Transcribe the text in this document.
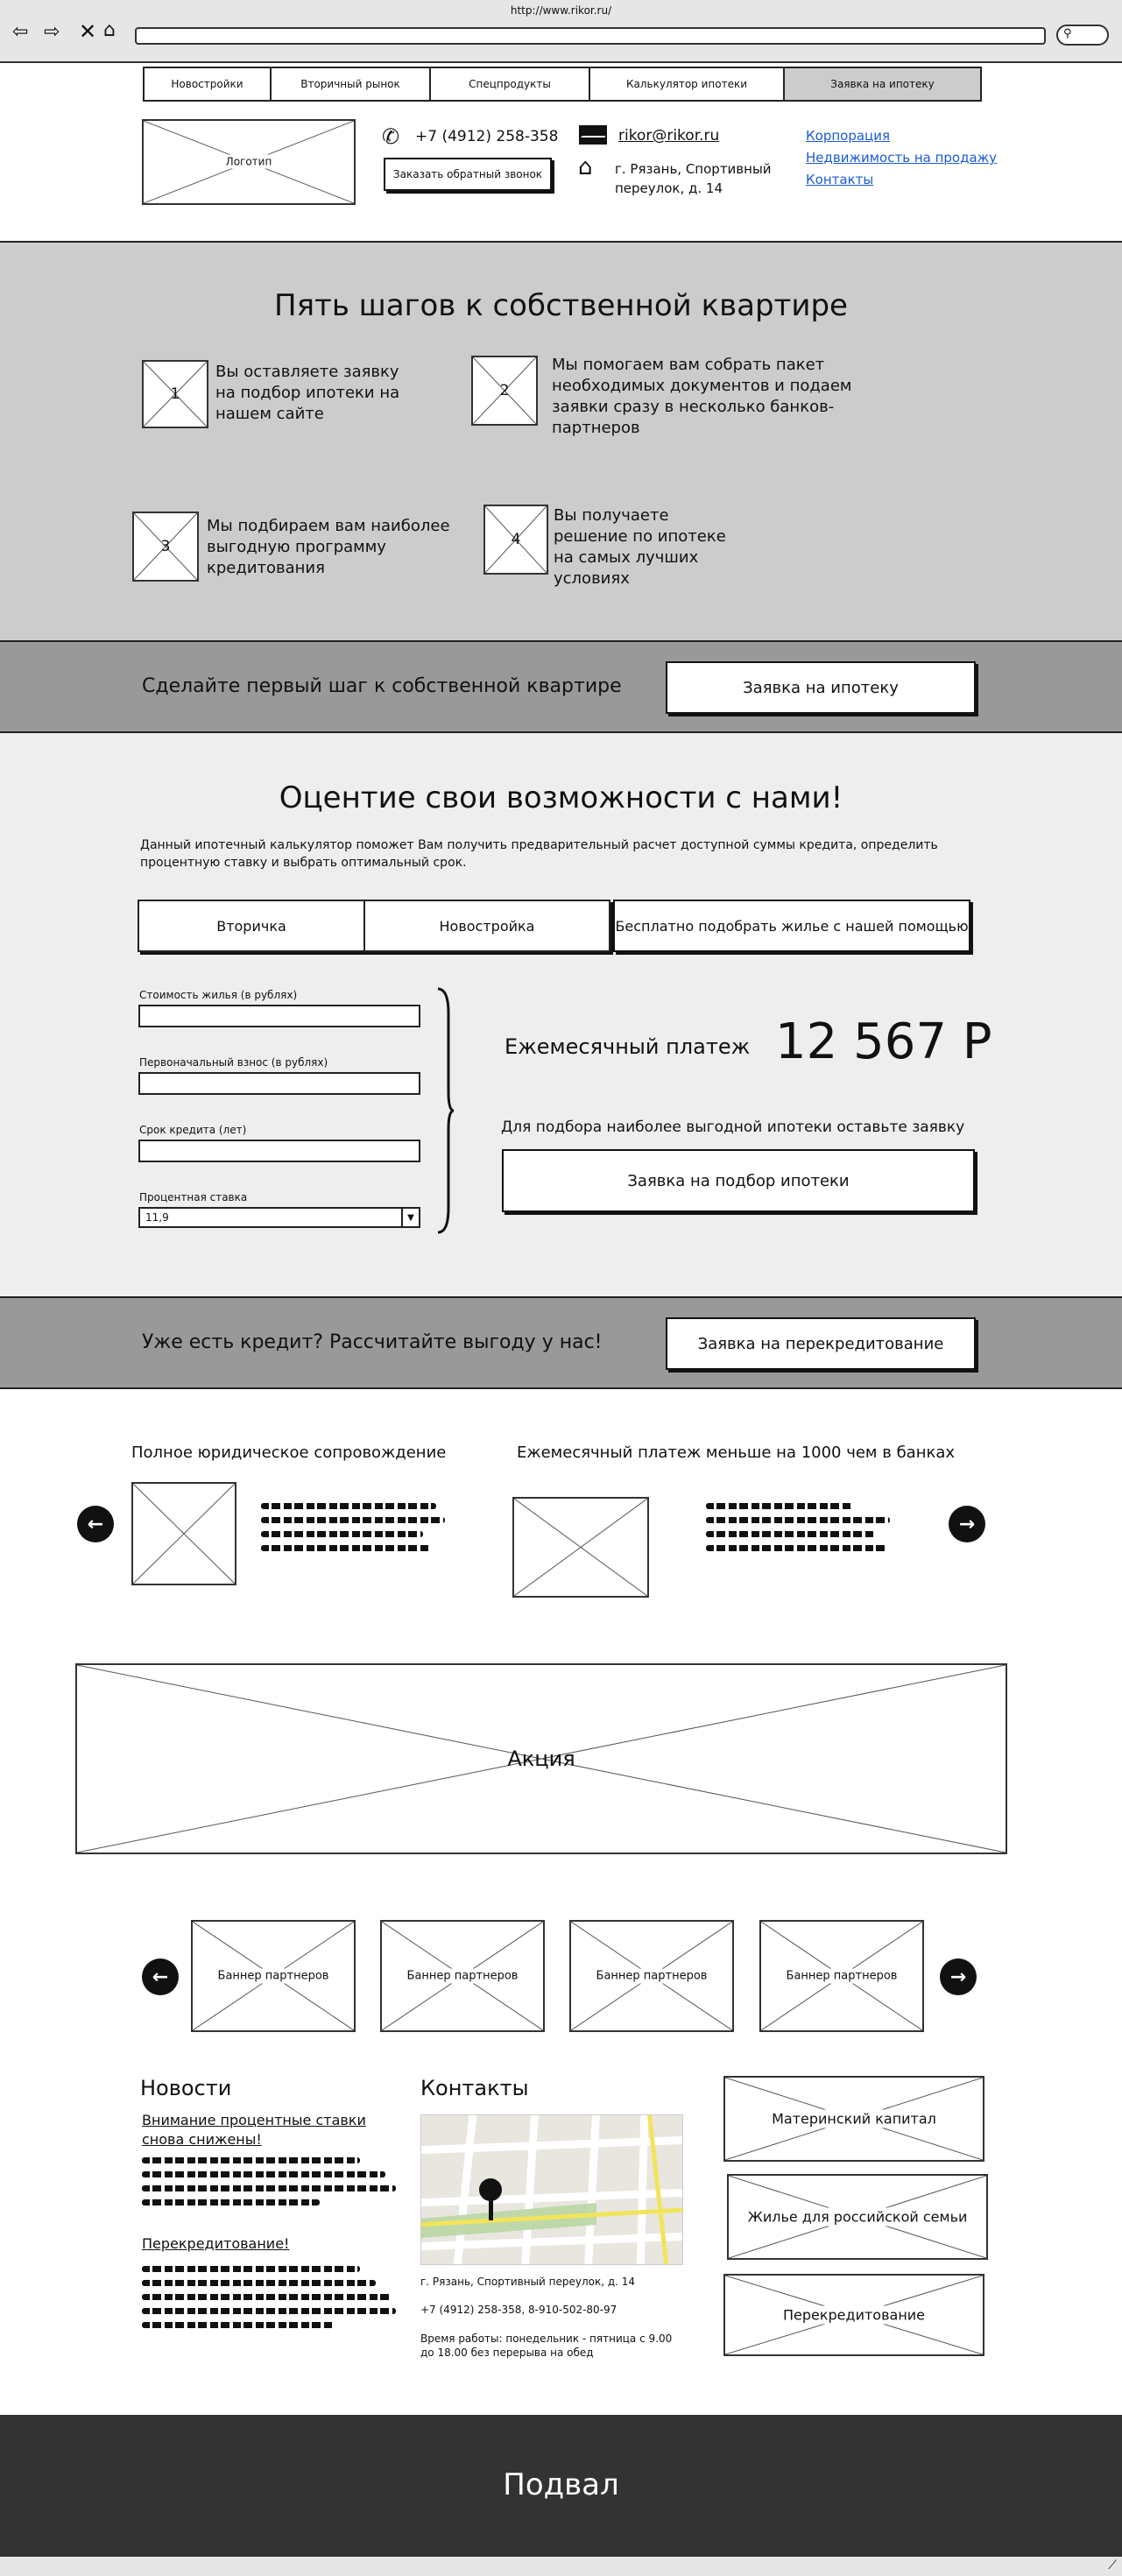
http://www.rikor.ru/
⇦ ⇨ ✕ ⌂	⚲
Новостройки	Вторичный рынок	Спецпродукты	Калькулятор ипотеки	Заявка на ипотеку
Логотип
✆ +7 (4912) 258-358
Заказать обратный звонок
rikor@rikor.ru
⌂ г. Рязань, Спортивный переулок, д. 14
Корпорация
Недвижимость на продажу
Контакты
Пять шагов к собственной квартире
1
Вы оставляете заявку на подбор ипотеки на нашем сайте
2
Мы помогаем вам собрать пакет необходимых документов и подаем заявки сразу в несколько банков-партнеров
3
Мы подбираем вам наиболее выгодную программу кредитования
4
Вы получаете решение по ипотеке на самых лучших условиях
Сделайте первый шаг к собственной квартире	Заявка на ипотеку
Оцентие свои возможности с нами!
Данный ипотечный калькулятор поможет Вам получить предварительный расчет доступной суммы кредита, определить процентную ставку и выбрать оптимальный срок.
Вторичка	Новостройка	Бесплатно подобрать жилье с нашей помощью
Стоимость жилья (в рублях)
Первоначальный взнос (в рублях)
Срок кредита (лет)
Процентная ставка
11,9	▼
Ежемесячный платеж 12 567 Р
Для подбора наиболее выгодной ипотеки оставьте заявку
Заявка на подбор ипотеки
Уже есть кредит? Рассчитайте выгоду у нас!	Заявка на перекредитование
Полное юридическое сопровождение	Ежемесячный платеж меньше на 1000 чем в банках
←	→
Акция
←	Баннер партнеров	Баннер партнеров	Баннер партнеров	Баннер партнеров	→
Новости
Внимание процентные ставки снова снижены!
Перекредитование!
Контакты
г. Рязань, Спортивный переулок, д. 14
+7 (4912) 258-358, 8-910-502-80-97
Время работы: понедельник - пятница с 9.00 до 18.00 без перерыва на обед
Материнский капитал
Жилье для российской семьи
Перекредитование
Подвал
⟋
